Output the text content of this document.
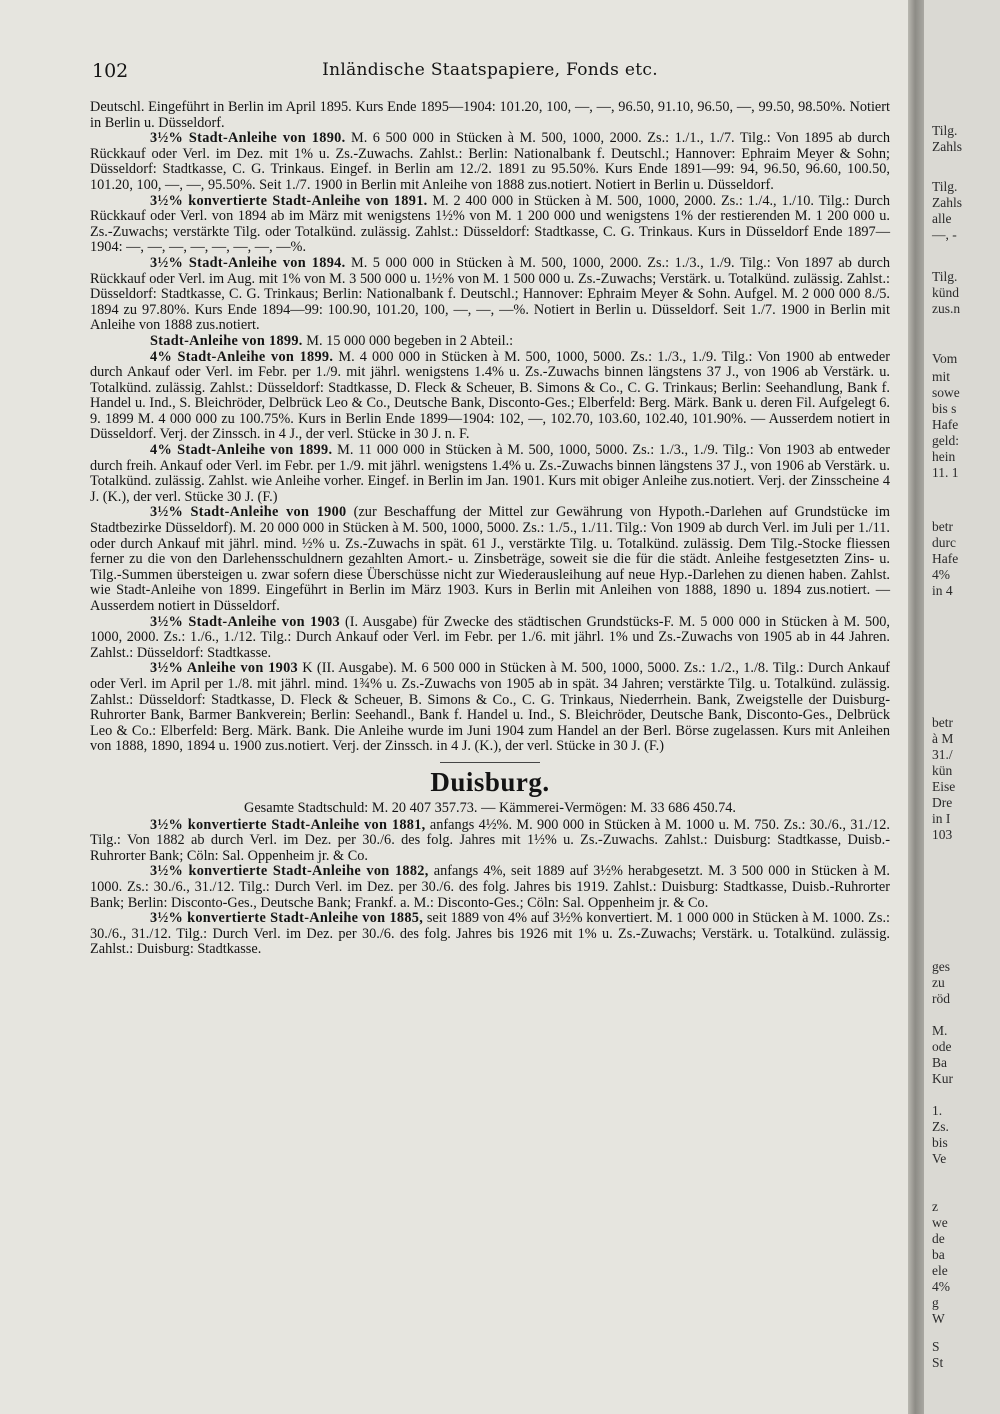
102	Inländische Staatspapiere, Fonds etc.

Deutschl. Eingeführt in Berlin im April 1895. Kurs Ende 1895—1904: 101.20, 100, —, —, 96.50, 91.10, 96.50, —, 99.50, 98.50%. Notiert in Berlin u. Düsseldorf.

3½% Stadt-Anleihe von 1890. M. 6 500 000 in Stücken à M. 500, 1000, 2000. Zs.: 1./1., 1./7. Tilg.: Von 1895 ab durch Rückkauf oder Verl. im Dez. mit 1% u. Zs.-Zuwachs. Zahlst.: Berlin: Nationalbank f. Deutschl.; Hannover: Ephraim Meyer & Sohn; Düsseldorf: Stadtkasse, C. G. Trinkaus. Eingef. in Berlin am 12./2. 1891 zu 95.50%. Kurs Ende 1891—99: 94, 96.50, 96.60, 100.50, 101.20, 100, —, —, 95.50%. Seit 1./7. 1900 in Berlin mit Anleihe von 1888 zus.notiert. Notiert in Berlin u. Düsseldorf.

3½% konvertierte Stadt-Anleihe von 1891. M. 2 400 000 in Stücken à M. 500, 1000, 2000. Zs.: 1./4., 1./10. Tilg.: Durch Rückkauf oder Verl. von 1894 ab im März mit wenigstens 1½% von M. 1 200 000 und wenigstens 1% der restierenden M. 1 200 000 u. Zs.-Zuwachs; verstärkte Tilg. oder Totalkünd. zulässig. Zahlst.: Düsseldorf: Stadtkasse, C. G. Trinkaus. Kurs in Düsseldorf Ende 1897—1904: —, —, —, —, —, —, —, —%.

3½% Stadt-Anleihe von 1894. M. 5 000 000 in Stücken à M. 500, 1000, 2000. Zs.: 1./3., 1./9. Tilg.: Von 1897 ab durch Rückkauf oder Verl. im Aug. mit 1% von M. 3 500 000 u. 1½% von M. 1 500 000 u. Zs.-Zuwachs; Verstärk. u. Totalkünd. zulässig. Zahlst.: Düsseldorf: Stadtkasse, C. G. Trinkaus; Berlin: Nationalbank f. Deutschl.; Hannover: Ephraim Meyer & Sohn. Aufgel. M. 2 000 000 8./5. 1894 zu 97.80%. Kurs Ende 1894—99: 100.90, 101.20, 100, —, —, —%. Notiert in Berlin u. Düsseldorf. Seit 1./7. 1900 in Berlin mit Anleihe von 1888 zus.notiert.

Stadt-Anleihe von 1899. M. 15 000 000 begeben in 2 Abteil.:

4% Stadt-Anleihe von 1899. M. 4 000 000 in Stücken à M. 500, 1000, 5000. Zs.: 1./3., 1./9. Tilg.: Von 1900 ab entweder durch Ankauf oder Verl. im Febr. per 1./9. mit jährl. wenigstens 1.4% u. Zs.-Zuwachs binnen längstens 37 J., von 1906 ab Verstärk. u. Totalkünd. zulässig. Zahlst.: Düsseldorf: Stadtkasse, D. Fleck & Scheuer, B. Simons & Co., C. G. Trinkaus; Berlin: Seehandlung, Bank f. Handel u. Ind., S. Bleichröder, Delbrück Leo & Co., Deutsche Bank, Disconto-Ges.; Elberfeld: Berg. Märk. Bank u. deren Fil. Aufgelegt 6. 9. 1899 M. 4 000 000 zu 100.75%. Kurs in Berlin Ende 1899—1904: 102, —, 102.70, 103.60, 102.40, 101.90%. — Ausserdem notiert in Düsseldorf. Verj. der Zinssch. in 4 J., der verl. Stücke in 30 J. n. F.

4% Stadt-Anleihe von 1899. M. 11 000 000 in Stücken à M. 500, 1000, 5000. Zs.: 1./3., 1./9. Tilg.: Von 1903 ab entweder durch freih. Ankauf oder Verl. im Febr. per 1./9. mit jährl. wenigstens 1.4% u. Zs.-Zuwachs binnen längstens 37 J., von 1906 ab Verstärk. u. Totalkünd. zulässig. Zahlst. wie Anleihe vorher. Eingef. in Berlin im Jan. 1901. Kurs mit obiger Anleihe zus.notiert. Verj. der Zinsscheine 4 J. (K.), der verl. Stücke 30 J. (F.)

3½% Stadt-Anleihe von 1900 (zur Beschaffung der Mittel zur Gewährung von Hypoth.-Darlehen auf Grundstücke im Stadtbezirke Düsseldorf). M. 20 000 000 in Stücken à M. 500, 1000, 5000. Zs.: 1./5., 1./11. Tilg.: Von 1909 ab durch Verl. im Juli per 1./11. oder durch Ankauf mit jährl. mind. ½% u. Zs.-Zuwachs in spät. 61 J., verstärkte Tilg. u. Totalkünd. zulässig. Dem Tilg.-Stocke fliessen ferner zu die von den Darlehensschuldnern gezahlten Amort.- u. Zinsbeträge, soweit sie die für die städt. Anleihe festgesetzten Zins- u. Tilg.-Summen übersteigen u. zwar sofern diese Überschüsse nicht zur Wiederausleihung auf neue Hyp.-Darlehen zu dienen haben. Zahlst. wie Stadt-Anleihe von 1899. Eingeführt in Berlin im März 1903. Kurs in Berlin mit Anleihen von 1888, 1890 u. 1894 zus.notiert. — Ausserdem notiert in Düsseldorf.

3½% Stadt-Anleihe von 1903 (I. Ausgabe) für Zwecke des städtischen Grundstücks-F. M. 5 000 000 in Stücken à M. 500, 1000, 2000. Zs.: 1./6., 1./12. Tilg.: Durch Ankauf oder Verl. im Febr. per 1./6. mit jährl. 1% und Zs.-Zuwachs von 1905 ab in 44 Jahren. Zahlst.: Düsseldorf: Stadtkasse.

3½% Anleihe von 1903 K (II. Ausgabe). M. 6 500 000 in Stücken à M. 500, 1000, 5000. Zs.: 1./2., 1./8. Tilg.: Durch Ankauf oder Verl. im April per 1./8. mit jährl. mind. 1¾% u. Zs.-Zuwachs von 1905 ab in spät. 34 Jahren; verstärkte Tilg. u. Totalkünd. zulässig. Zahlst.: Düsseldorf: Stadtkasse, D. Fleck & Scheuer, B. Simons & Co., C. G. Trinkaus, Niederrhein. Bank, Zweigstelle der Duisburg-Ruhrorter Bank, Barmer Bankverein; Berlin: Seehandl., Bank f. Handel u. Ind., S. Bleichröder, Deutsche Bank, Disconto-Ges., Delbrück Leo & Co.: Elberfeld: Berg. Märk. Bank. Die Anleihe wurde im Juni 1904 zum Handel an der Berl. Börse zugelassen. Kurs mit Anleihen von 1888, 1890, 1894 u. 1900 zus.notiert. Verj. der Zinssch. in 4 J. (K.), der verl. Stücke in 30 J. (F.)

Duisburg.
Gesamte Stadtschuld: M. 20 407 357.73. — Kämmerei-Vermögen: M. 33 686 450.74.

3½% konvertierte Stadt-Anleihe von 1881, anfangs 4½%. M. 900 000 in Stücken à M. 1000 u. M. 750. Zs.: 30./6., 31./12. Tilg.: Von 1882 ab durch Verl. im Dez. per 30./6. des folg. Jahres mit 1½% u. Zs.-Zuwachs. Zahlst.: Duisburg: Stadtkasse, Duisb.-Ruhrorter Bank; Cöln: Sal. Oppenheim jr. & Co.

3½% konvertierte Stadt-Anleihe von 1882, anfangs 4%, seit 1889 auf 3½% herabgesetzt. M. 3 500 000 in Stücken à M. 1000. Zs.: 30./6., 31./12. Tilg.: Durch Verl. im Dez. per 30./6. des folg. Jahres bis 1919. Zahlst.: Duisburg: Stadtkasse, Duisb.-Ruhrorter Bank; Berlin: Disconto-Ges., Deutsche Bank; Frankf. a. M.: Disconto-Ges.; Cöln: Sal. Oppenheim jr. & Co.

3½% konvertierte Stadt-Anleihe von 1885, seit 1889 von 4% auf 3½% konvertiert. M. 1 000 000 in Stücken à M. 1000. Zs.: 30./6., 31./12. Tilg.: Durch Verl. im Dez. per 30./6. des folg. Jahres bis 1926 mit 1% u. Zs.-Zuwachs; Verstärk. u. Totalkünd. zulässig. Zahlst.: Duisburg: Stadtkasse.

Tilg.
Zahls
Tilg.
Zahls
alle
—, -
Tilg.
künd
zus.n
Vom
mit
sowe
bis s
Hafe
geld:
hein
11. 1
betr
durc
Hafe
4%
in 4
betr
à M
31./
kün
Eise
Dre
in I
103
ges
zu
röd
M.
ode
Ba
Kur
1.
Zs.
bis
Ve
z
we
de
ba
ele
4%
g
W
S
St
